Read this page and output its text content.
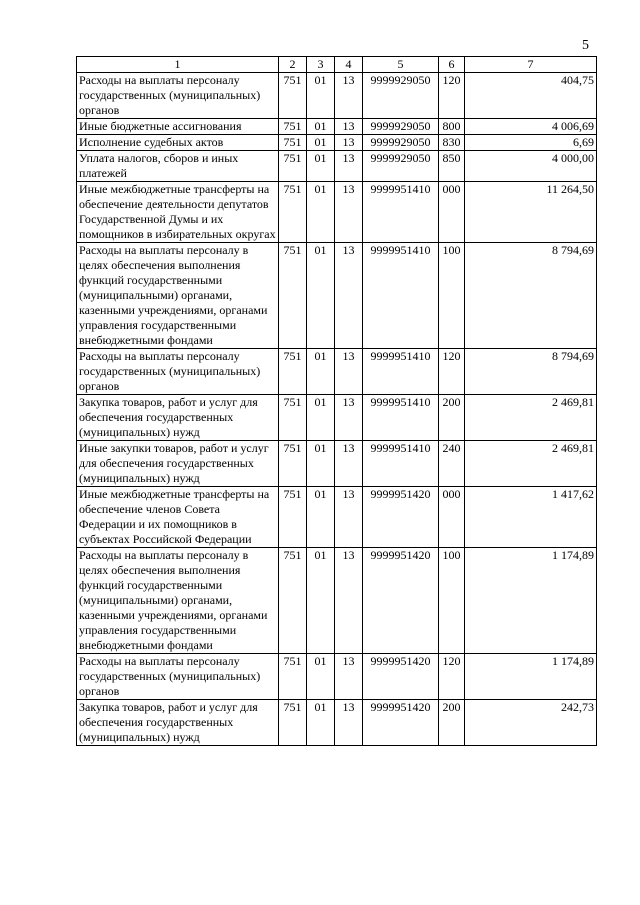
5
1	2	3	4	5	6	7
Расходы на выплаты персоналу государственных (муниципальных) органов	751	01	13	9999929050	120	404,75
Иные бюджетные ассигнования	751	01	13	9999929050	800	4 006,69
Исполнение судебных актов	751	01	13	9999929050	830	6,69
Уплата налогов, сборов и иных платежей	751	01	13	9999929050	850	4 000,00
Иные межбюджетные трансферты на обеспечение деятельности депутатов Государственной Думы и их помощников в избирательных округах	751	01	13	9999951410	000	11 264,50
Расходы на выплаты персоналу в целях обеспечения выполнения функций государственными (муниципальными) органами, казенными учреждениями, органами управления государственными внебюджетными фондами	751	01	13	9999951410	100	8 794,69
Расходы на выплаты персоналу государственных (муниципальных) органов	751	01	13	9999951410	120	8 794,69
Закупка товаров, работ и услуг для обеспечения государственных (муниципальных) нужд	751	01	13	9999951410	200	2 469,81
Иные закупки товаров, работ и услуг для обеспечения государственных (муниципальных) нужд	751	01	13	9999951410	240	2 469,81
Иные межбюджетные трансферты на обеспечение членов Совета Федерации и их помощников в субъектах Российской Федерации	751	01	13	9999951420	000	1 417,62
Расходы на выплаты персоналу в целях обеспечения выполнения функций государственными (муниципальными) органами, казенными учреждениями, органами управления государственными внебюджетными фондами	751	01	13	9999951420	100	1 174,89
Расходы на выплаты персоналу государственных (муниципальных) органов	751	01	13	9999951420	120	1 174,89
Закупка товаров, работ и услуг для обеспечения государственных (муниципальных) нужд	751	01	13	9999951420	200	242,73
